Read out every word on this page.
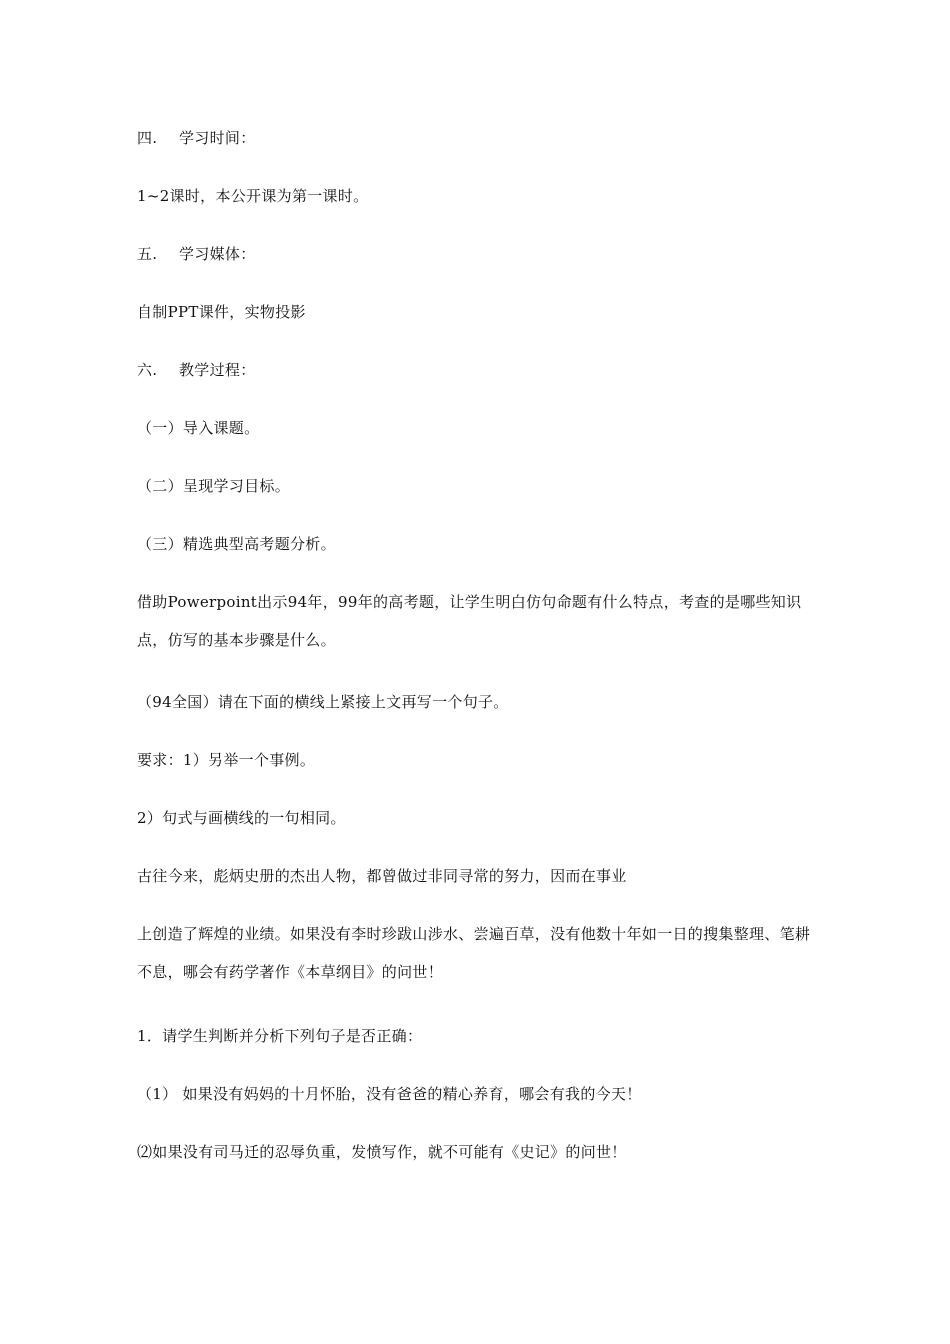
四. 学习时间：
1~2课时，本公开课为第一课时。
五. 学习媒体：
自制PPT课件，实物投影
六. 教学过程：
（一）导入课题。
（二）呈现学习目标。
（三）精选典型高考题分析。
借助Powerpoint出示94年，99年的高考题，让学生明白仿句命题有什么特点，考查的是哪些知识点，仿写的基本步骤是什么。
（94全国）请在下面的横线上紧接上文再写一个句子。
要求：1）另举一个事例。
2）句式与画横线的一句相同。
古往今来，彪炳史册的杰出人物，都曾做过非同寻常的努力，因而在事业
上创造了辉煌的业绩。如果没有李时珍跋山涉水、尝遍百草，没有他数十年如一日的搜集整理、笔耕不息，哪会有药学著作《本草纲目》的问世！
1．请学生判断并分析下列句子是否正确：
（1） 如果没有妈妈的十月怀胎，没有爸爸的精心养育，哪会有我的今天！
⑵如果没有司马迁的忍辱负重，发愤写作，就不可能有《史记》的问世！
